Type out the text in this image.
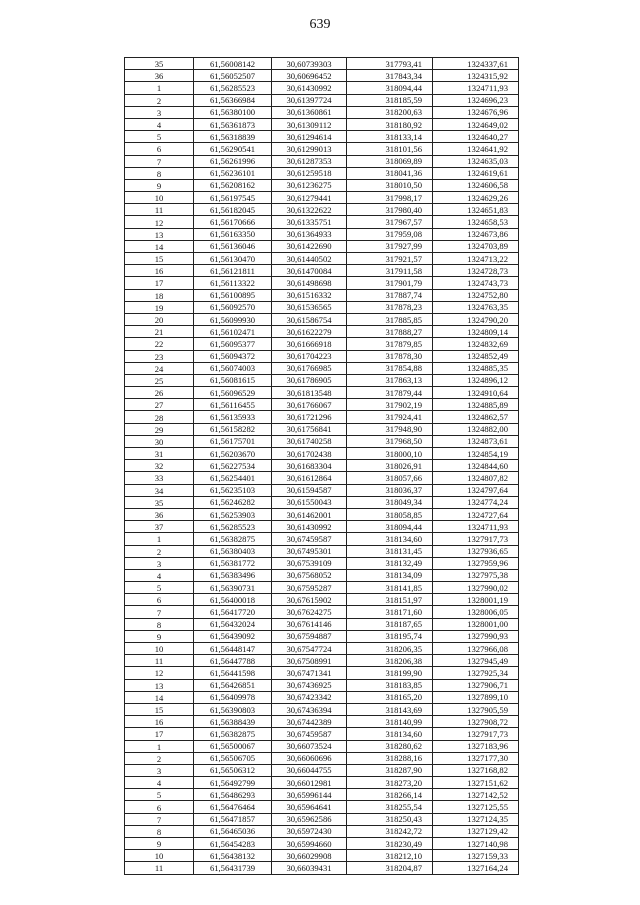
639
35	61,56008142	30,60739303	317793,41	1324337,61
36	61,56052507	30,60696452	317843,34	1324315,92
1	61,56285523	30,61430992	318094,44	1324711,93
2	61,56366984	30,61397724	318185,59	1324696,23
3	61,56380100	30,61360861	318200,63	1324676,96
4	61,56361873	30,61309112	318180,92	1324649,02
5	61,56318839	30,61294614	318133,14	1324640,27
6	61,56290541	30,61299013	318101,56	1324641,92
7	61,56261996	30,61287353	318069,89	1324635,03
8	61,56236101	30,61259518	318041,36	1324619,61
9	61,56208162	30,61236275	318010,50	1324606,58
10	61,56197545	30,61279441	317998,17	1324629,26
11	61,56182045	30,61322622	317980,40	1324651,83
12	61,56170666	30,61335751	317967,57	1324658,53
13	61,56163350	30,61364933	317959,08	1324673,86
14	61,56136046	30,61422690	317927,99	1324703,89
15	61,56130470	30,61440502	317921,57	1324713,22
16	61,56121811	30,61470084	317911,58	1324728,73
17	61,56113322	30,61498698	317901,79	1324743,73
18	61,56100895	30,61516332	317887,74	1324752,80
19	61,56092570	30,61536565	317878,23	1324763,35
20	61,56099930	30,61586754	317885,85	1324790,20
21	61,56102471	30,61622279	317888,27	1324809,14
22	61,56095377	30,61666918	317879,85	1324832,69
23	61,56094372	30,61704223	317878,30	1324852,49
24	61,56074003	30,61766985	317854,88	1324885,35
25	61,56081615	30,61786905	317863,13	1324896,12
26	61,56096529	30,61813548	317879,44	1324910,64
27	61,56116455	30,61766067	317902,19	1324885,89
28	61,56135933	30,61721296	317924,41	1324862,57
29	61,56158282	30,61756841	317948,90	1324882,00
30	61,56175701	30,61740258	317968,50	1324873,61
31	61,56203670	30,61702438	318000,10	1324854,19
32	61,56227534	30,61683304	318026,91	1324844,60
33	61,56254401	30,61612864	318057,66	1324807,82
34	61,56235103	30,61594587	318036,37	1324797,64
35	61,56246282	30,61550043	318049,34	1324774,24
36	61,56253903	30,61462001	318058,85	1324727,64
37	61,56285523	30,61430992	318094,44	1324711,93
1	61,56382875	30,67459587	318134,60	1327917,73
2	61,56380403	30,67495301	318131,45	1327936,65
3	61,56381772	30,67539109	318132,49	1327959,96
4	61,56383496	30,67568052	318134,09	1327975,38
5	61,56390731	30,67595287	318141,85	1327990,02
6	61,56400018	30,67615902	318151,97	1328001,19
7	61,56417720	30,67624275	318171,60	1328006,05
8	61,56432024	30,67614146	318187,65	1328001,00
9	61,56439092	30,67594887	318195,74	1327990,93
10	61,56448147	30,67547724	318206,35	1327966,08
11	61,56447788	30,67508991	318206,38	1327945,49
12	61,56441598	30,67471341	318199,90	1327925,34
13	61,56426851	30,67436925	318183,85	1327906,71
14	61,56409978	30,67423342	318165,20	1327899,10
15	61,56390803	30,67436394	318143,69	1327905,59
16	61,56388439	30,67442389	318140,99	1327908,72
17	61,56382875	30,67459587	318134,60	1327917,73
1	61,56500067	30,66073524	318280,62	1327183,96
2	61,56506705	30,66060696	318288,16	1327177,30
3	61,56506312	30,66044755	318287,90	1327168,82
4	61,56492799	30,66012981	318273,20	1327151,62
5	61,56486293	30,65996144	318266,14	1327142,52
6	61,56476464	30,65964641	318255,54	1327125,55
7	61,56471857	30,65962586	318250,43	1327124,35
8	61,56465036	30,65972430	318242,72	1327129,42
9	61,56454283	30,65994660	318230,49	1327140,98
10	61,56438132	30,66029908	318212,10	1327159,33
11	61,56431739	30,66039431	318204,87	1327164,24
